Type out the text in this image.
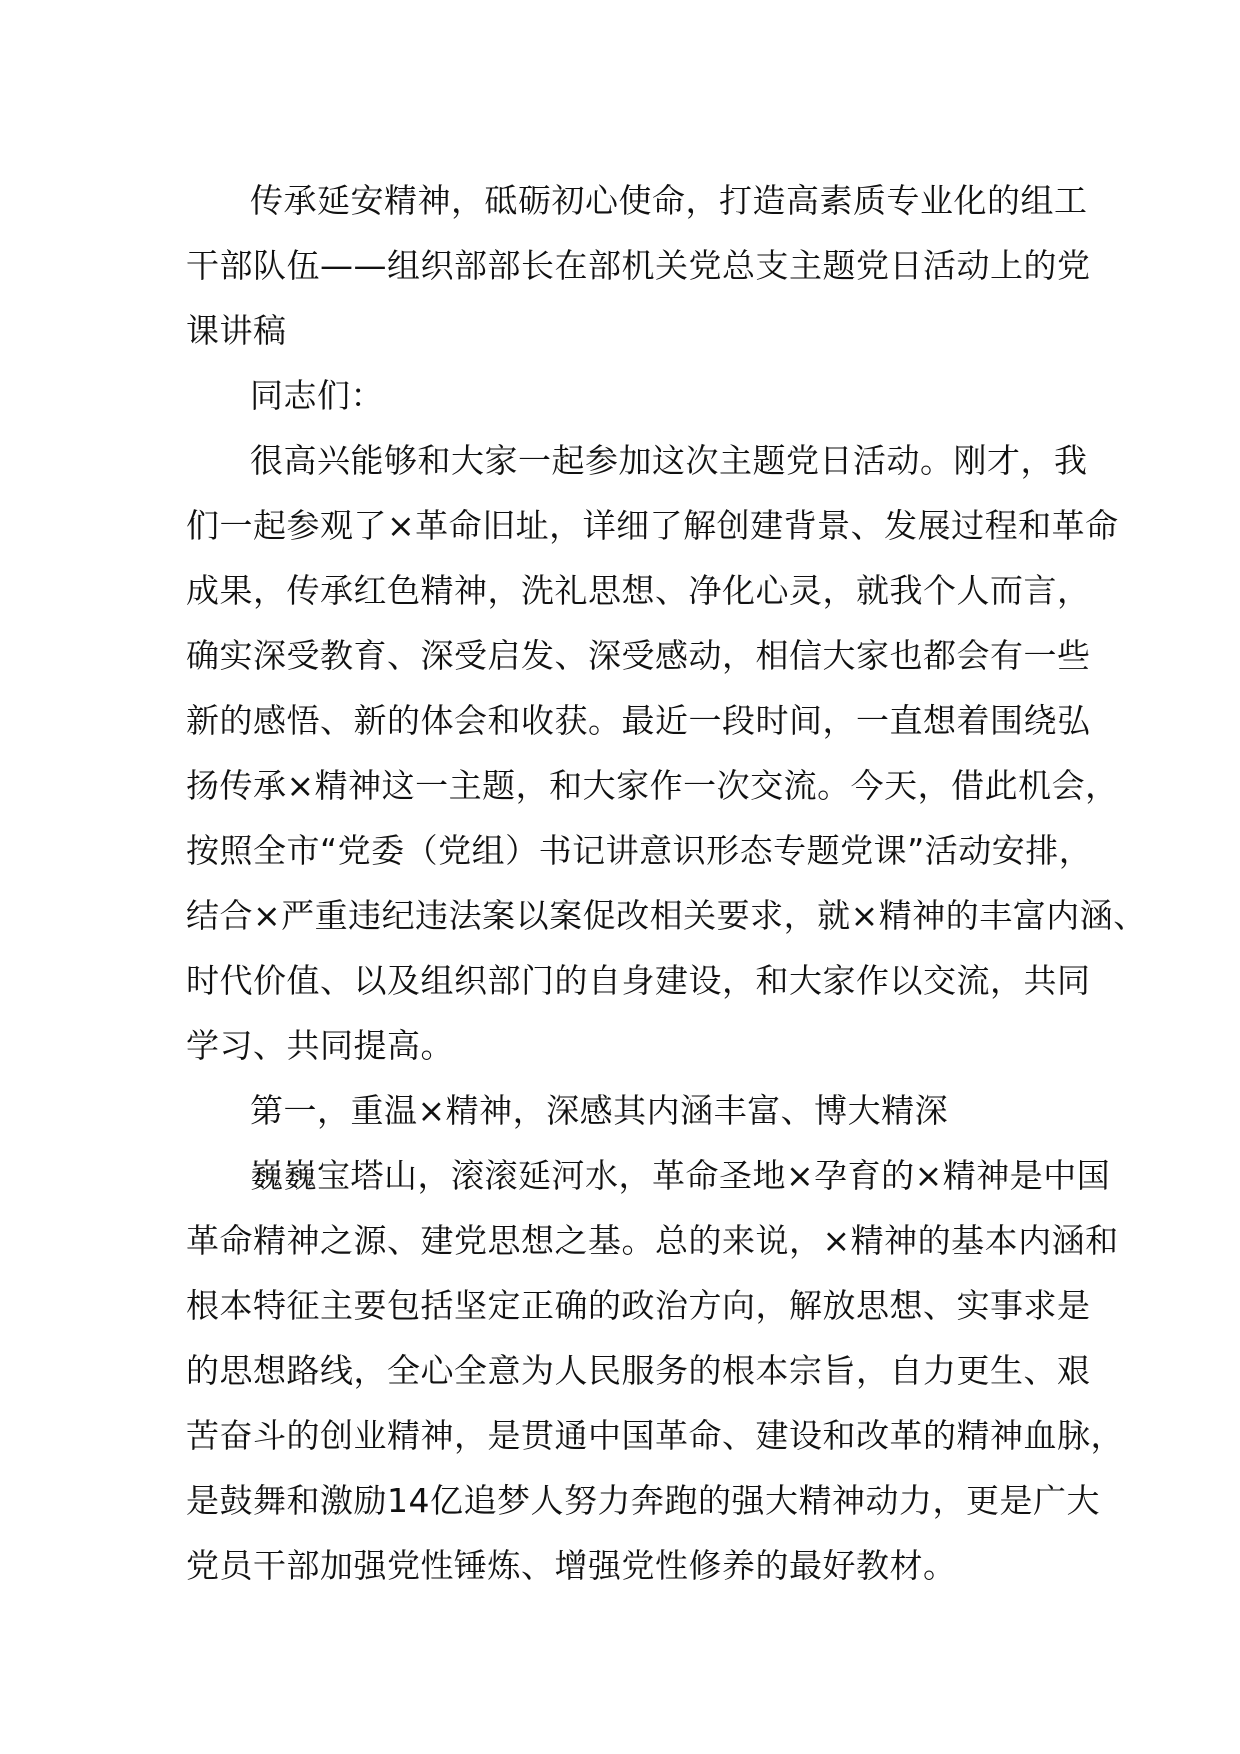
传承延安精神，砥砺初心使命，打造高素质专业化的组工
干部队伍——组织部部长在部机关党总支主题党日活动上的党
课讲稿
同志们：
很高兴能够和大家一起参加这次主题党日活动。刚才，我
们一起参观了×革命旧址，详细了解创建背景、发展过程和革命
成果，传承红色精神，洗礼思想、净化心灵，就我个人而言，
确实深受教育、深受启发、深受感动，相信大家也都会有一些
新的感悟、新的体会和收获。最近一段时间，一直想着围绕弘
扬传承×精神这一主题，和大家作一次交流。今天，借此机会，
按照全市“党委（党组）书记讲意识形态专题党课”活动安排，
结合×严重违纪违法案以案促改相关要求，就×精神的丰富内涵、
时代价值、以及组织部门的自身建设，和大家作以交流，共同
学习、共同提高。
第一，重温×精神，深感其内涵丰富、博大精深
巍巍宝塔山，滚滚延河水，革命圣地×孕育的×精神是中国
革命精神之源、建党思想之基。总的来说，×精神的基本内涵和
根本特征主要包括坚定正确的政治方向，解放思想、实事求是
的思想路线，全心全意为人民服务的根本宗旨，自力更生、艰
苦奋斗的创业精神，是贯通中国革命、建设和改革的精神血脉，
是鼓舞和激励14亿追梦人努力奔跑的强大精神动力，更是广大
党员干部加强党性锤炼、增强党性修养的最好教材。
